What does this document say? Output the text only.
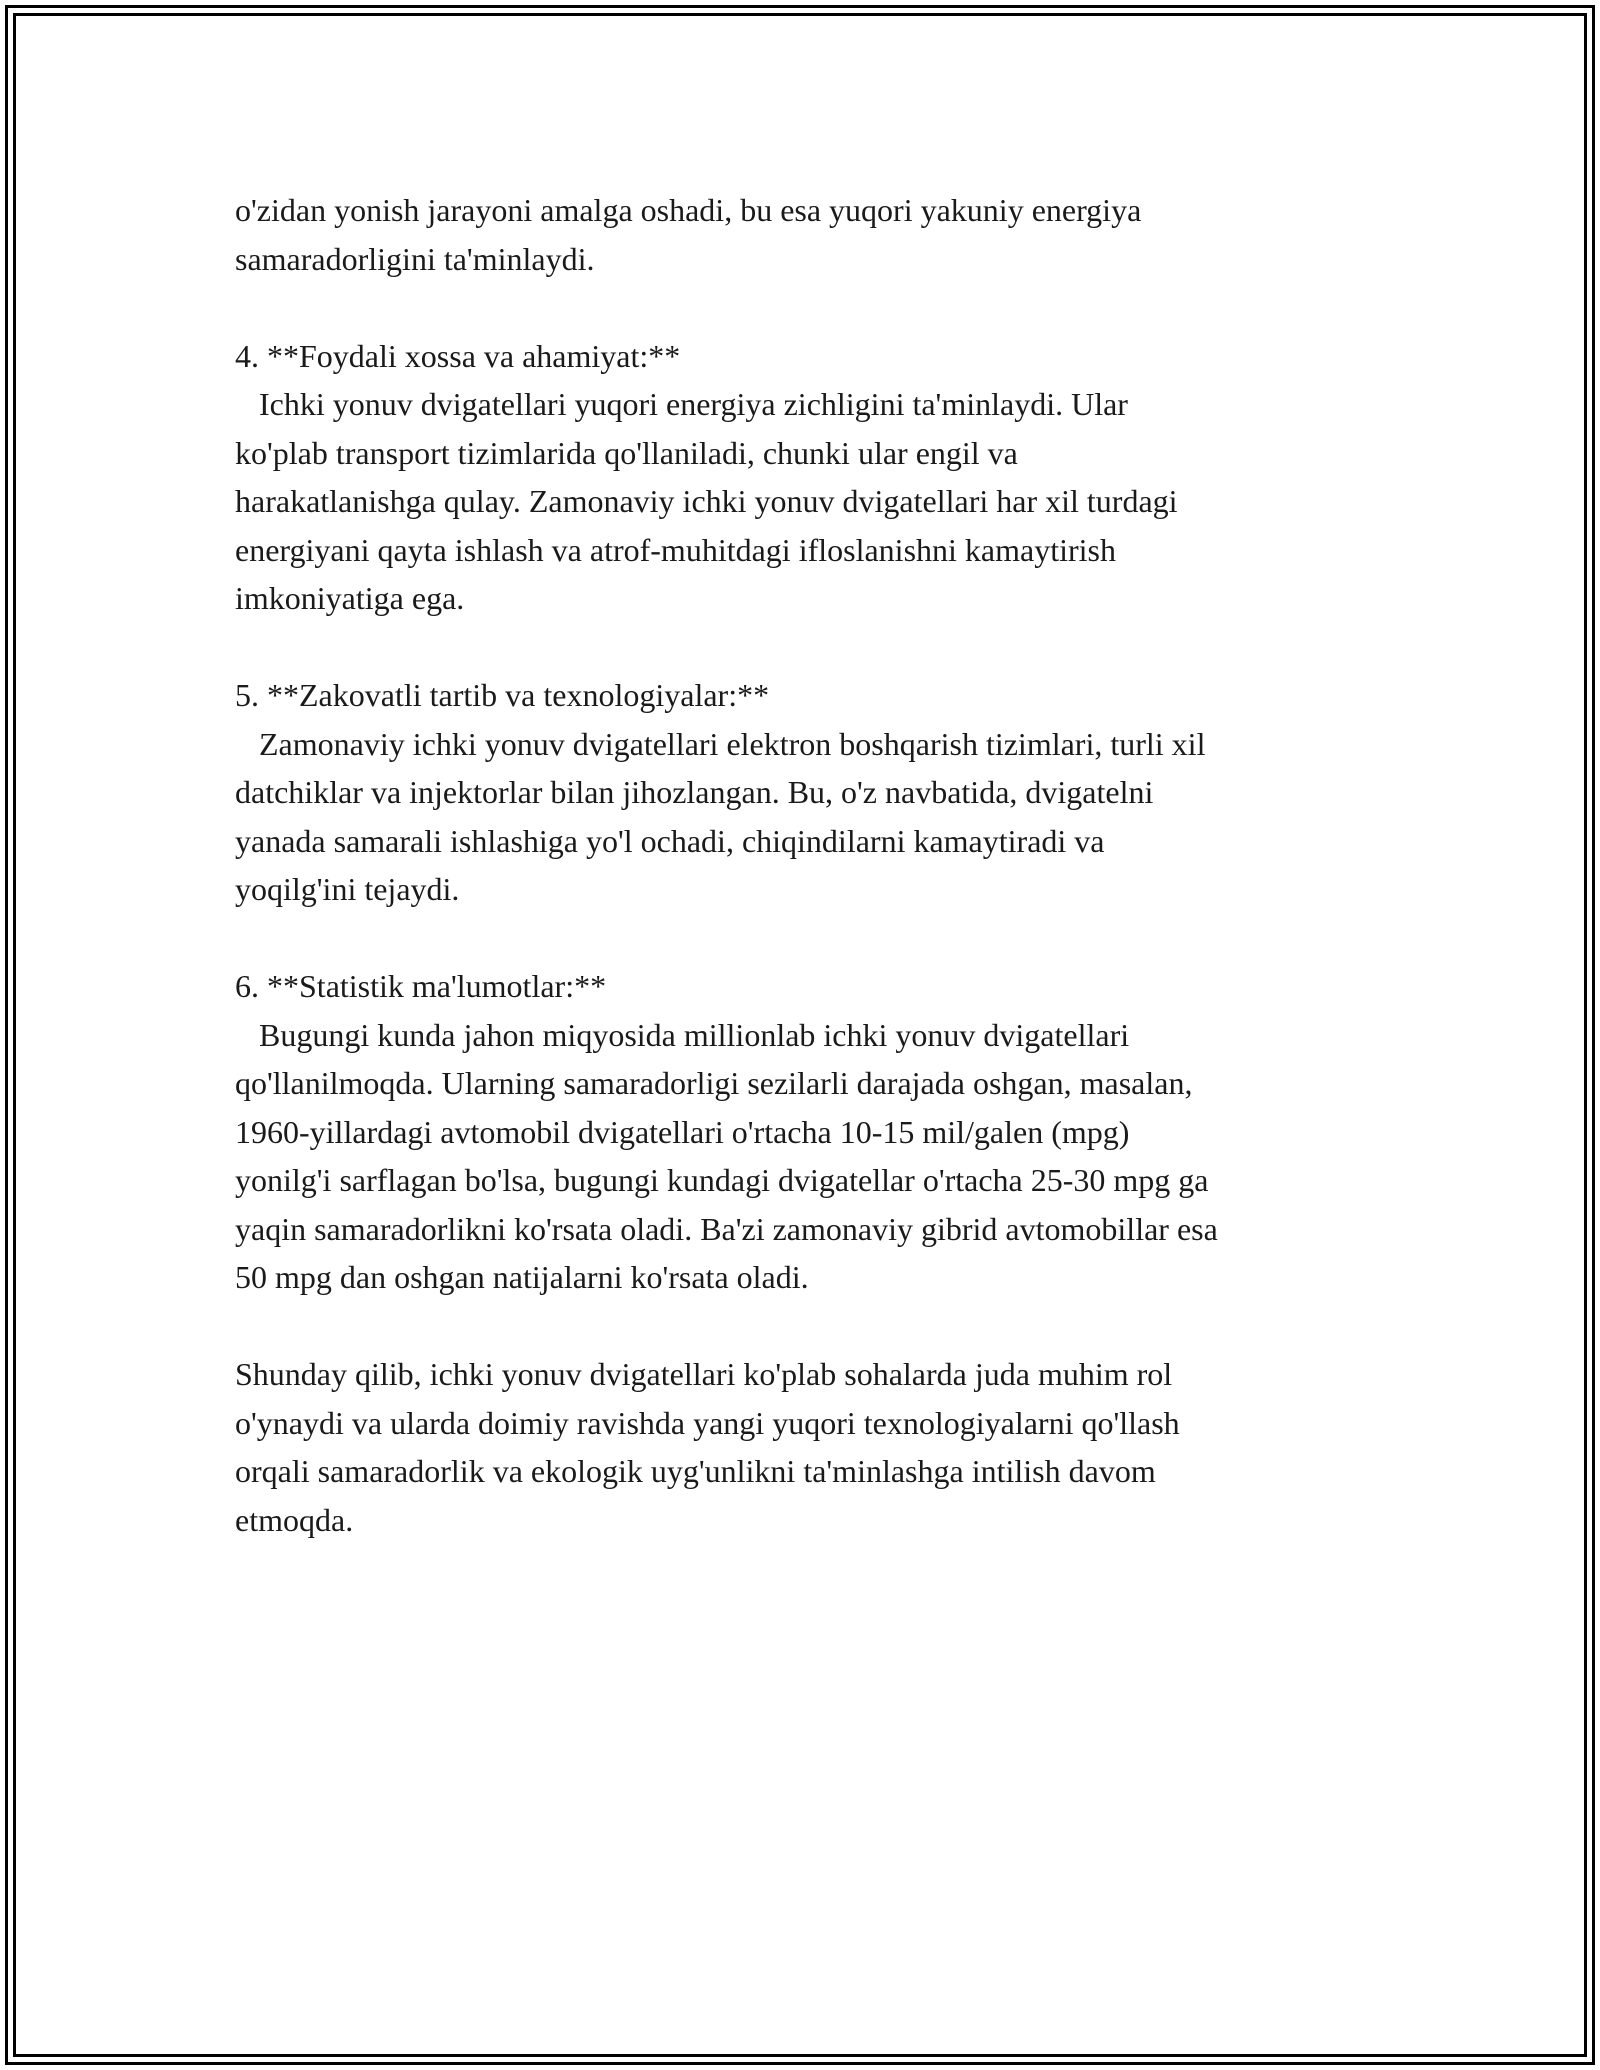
o'zidan yonish jarayoni amalga oshadi, bu esa yuqori yakuniy energiya
samaradorligini ta'minlaydi.
4. **Foydali xossa va ahamiyat:**
Ichki yonuv dvigatellari yuqori energiya zichligini ta'minlaydi. Ular
ko'plab transport tizimlarida qo'llaniladi, chunki ular engil va
harakatlanishga qulay. Zamonaviy ichki yonuv dvigatellari har xil turdagi
energiyani qayta ishlash va atrof-muhitdagi ifloslanishni kamaytirish
imkoniyatiga ega.
5. **Zakovatli tartib va texnologiyalar:**
Zamonaviy ichki yonuv dvigatellari elektron boshqarish tizimlari, turli xil
datchiklar va injektorlar bilan jihozlangan. Bu, o'z navbatida, dvigatelni
yanada samarali ishlashiga yo'l ochadi, chiqindilarni kamaytiradi va
yoqilg'ini tejaydi.
6. **Statistik ma'lumotlar:**
Bugungi kunda jahon miqyosida millionlab ichki yonuv dvigatellari
qo'llanilmoqda. Ularning samaradorligi sezilarli darajada oshgan, masalan,
1960-yillardagi avtomobil dvigatellari o'rtacha 10-15 mil/galen (mpg)
yonilg'i sarflagan bo'lsa, bugungi kundagi dvigatellar o'rtacha 25-30 mpg ga
yaqin samaradorlikni ko'rsata oladi. Ba'zi zamonaviy gibrid avtomobillar esa
50 mpg dan oshgan natijalarni ko'rsata oladi.
Shunday qilib, ichki yonuv dvigatellari ko'plab sohalarda juda muhim rol
o'ynaydi va ularda doimiy ravishda yangi yuqori texnologiyalarni qo'llash
orqali samaradorlik va ekologik uyg'unlikni ta'minlashga intilish davom
etmoqda.
